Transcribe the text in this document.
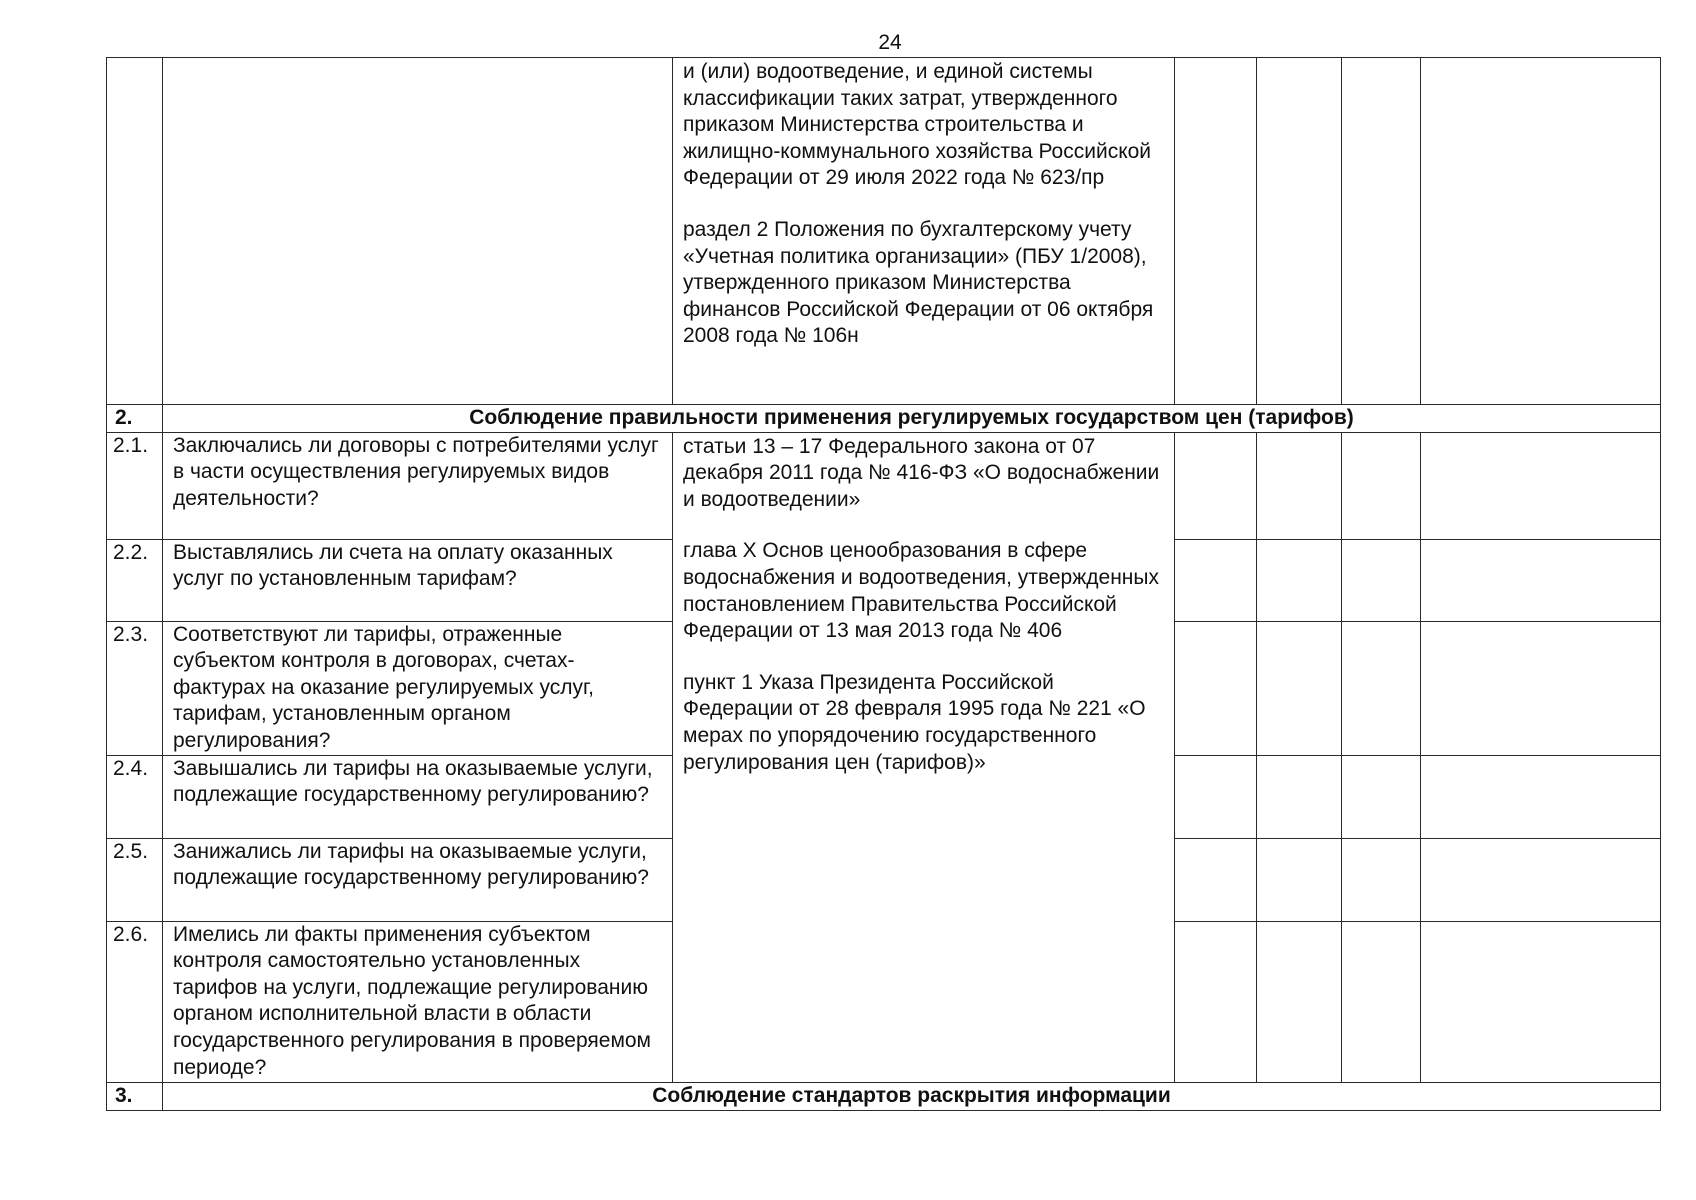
24

		и (или) водоотведение, и единой системы классификации таких затрат, утвержденного приказом Министерства строительства и жилищно-коммунального хозяйства Российской Федерации от 29 июля 2022 года № 623/пр

раздел 2 Положения по бухгалтерскому учету «Учетная политика организации» (ПБУ 1/2008), утвержденного приказом Министерства финансов Российской Федерации от 06 октября 2008 года № 106н				

2.	Соблюдение правильности применения регулируемых государством цен (тарифов)					
2.1.	Заключались ли договоры с потребителями услуг в части осуществления регулируемых видов деятельности?	статьи 13 – 17 Федерального закона от 07 декабря 2011 года № 416-ФЗ «О водоснабжении и водоотведении»

глава X Основ ценообразования в сфере водоснабжения и водоотведения, утвержденных постановлением Правительства Российской Федерации от 13 мая 2013 года № 406

пункт 1 Указа Президента Российской Федерации от 28 февраля 1995 года № 221 «О мерах по упорядочению государственного регулирования цен (тарифов)»				

2.2.	Выставлялись ли счета на оплату оказанных услуг по установленным тарифам?					
2.3.	Соответствуют ли тарифы, отраженные субъектом контроля в договорах, счетах-фактурах на оказание регулируемых услуг, тарифам, установленным органом регулирования?					
2.4.	Завышались ли тарифы на оказываемые услуги, подлежащие государственному регулированию?					
2.5.	Занижались ли тарифы на оказываемые услуги, подлежащие государственному регулированию?					
2.6.	Имелись ли факты применения субъектом контроля самостоятельно установленных тарифов на услуги, подлежащие регулированию органом исполнительной власти в области государственного регулирования в проверяемом периоде?					
3.	Соблюдение стандартов раскрытия информации					
